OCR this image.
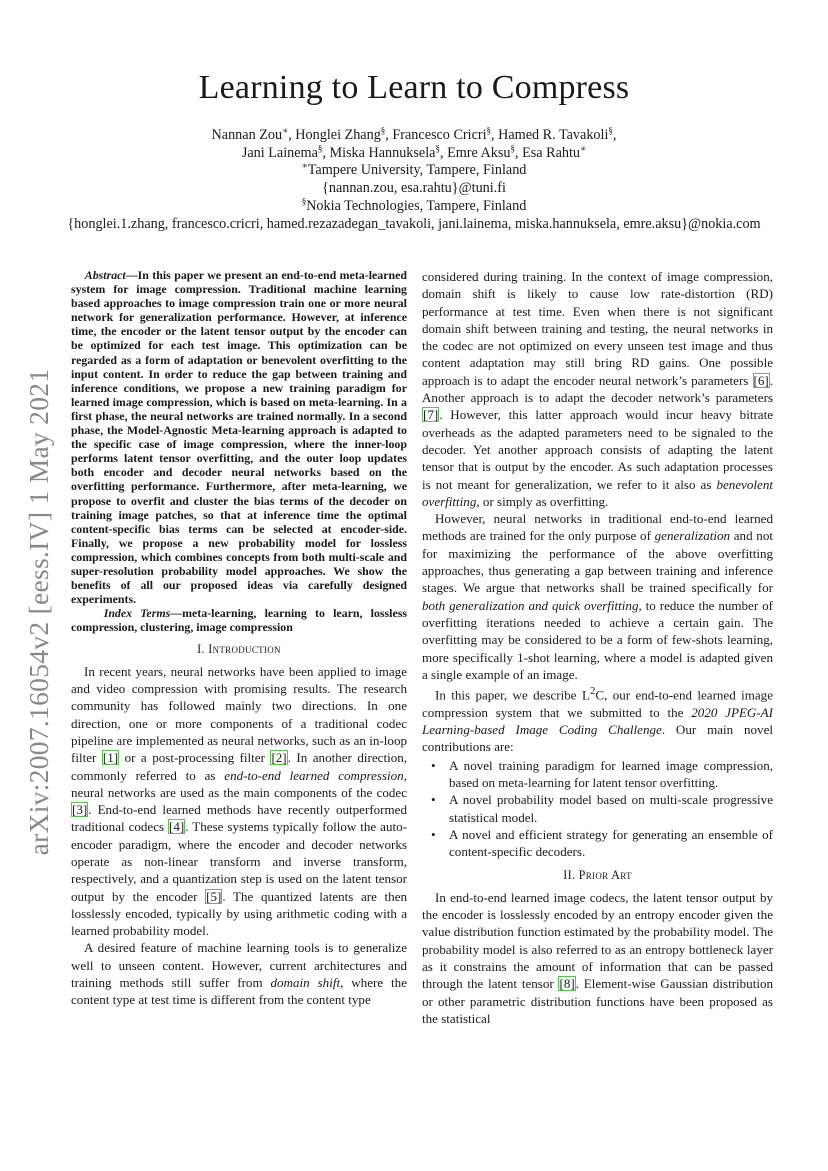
Learning to Learn to Compress
Nannan Zou∗, Honglei Zhang§, Francesco Cricri§, Hamed R. Tavakoli§,
Jani Lainema§, Miska Hannuksela§, Emre Aksu§, Esa Rahtu∗
∗Tampere University, Tampere, Finland
{nannan.zou, esa.rahtu}@tuni.fi
§Nokia Technologies, Tampere, Finland
{honglei.1.zhang, francesco.cricri, hamed.rezazadegan_tavakoli, jani.lainema, miska.hannuksela, emre.aksu}@nokia.com
arXiv:2007.16054v2 [eess.IV] 1 May 2021
Abstract—In this paper we present an end-to-end meta-learned system for image compression. Traditional machine learning based approaches to image compression train one or more neural network for generalization performance. However, at inference time, the encoder or the latent tensor output by the encoder can be optimized for each test image. This optimization can be regarded as a form of adaptation or benevolent overfitting to the input content. In order to reduce the gap between training and inference conditions, we propose a new training paradigm for learned image compression, which is based on meta-learning. In a first phase, the neural networks are trained normally. In a second phase, the Model-Agnostic Meta-learning approach is adapted to the specific case of image compression, where the inner-loop performs latent tensor overfitting, and the outer loop updates both encoder and decoder neural networks based on the overfitting performance. Furthermore, after meta-learning, we propose to overfit and cluster the bias terms of the decoder on training image patches, so that at inference time the optimal content-specific bias terms can be selected at encoder-side. Finally, we propose a new probability model for lossless compression, which combines concepts from both multi-scale and super-resolution probability model approaches. We show the benefits of all our proposed ideas via carefully designed experiments.
Index Terms—meta-learning, learning to learn, lossless compression, clustering, image compression
I. Introduction

In recent years, neural networks have been applied to image and video compression with promising results. The research community has followed mainly two directions. In one direction, one or more components of a traditional codec pipeline are implemented as neural networks, such as an in-loop filter [1] or a post-processing filter [2]. In another direction, commonly referred to as end-to-end learned compression, neural networks are used as the main components of the codec [3]. End-to-end learned methods have recently outperformed traditional codecs [4]. These systems typically follow the auto-encoder paradigm, where the encoder and decoder networks operate as non-linear transform and inverse transform, respectively, and a quantization step is used on the latent tensor output by the encoder [5]. The quantized latents are then losslessly encoded, typically by using arithmetic coding with a learned probability model.

A desired feature of machine learning tools is to generalize well to unseen content. However, current architectures and training methods still suffer from domain shift, where the content type at test time is different from the content type

considered during training. In the context of image compression, domain shift is likely to cause low rate-distortion (RD) performance at test time. Even when there is not significant domain shift between training and testing, the neural networks in the codec are not optimized on every unseen test image and thus content adaptation may still bring RD gains. One possible approach is to adapt the encoder neural network’s parameters [6]. Another approach is to adapt the decoder network’s parameters [7]. However, this latter approach would incur heavy bitrate overheads as the adapted parameters need to be signaled to the decoder. Yet another approach consists of adapting the latent tensor that is output by the encoder. As such adaptation processes is not meant for generalization, we refer to it also as benevolent overfitting, or simply as overfitting.

However, neural networks in traditional end-to-end learned methods are trained for the only purpose of generalization and not for maximizing the performance of the above overfitting approaches, thus generating a gap between training and inference stages. We argue that networks shall be trained specifically for both generalization and quick overfitting, to reduce the number of overfitting iterations needed to achieve a certain gain. The overfitting may be considered to be a form of few-shots learning, more specifically 1-shot learning, where a model is adapted given a single example of an image.

In this paper, we describe $L^2C$, our end-to-end learned image compression system that we submitted to the 2020 JPEG-AI Learning-based Image Coding Challenge. Our main novel contributions are:

• A novel training paradigm for learned image compression, based on meta-learning for latent tensor overfitting.
• A novel probability model based on multi-scale progressive statistical model.
• A novel and efficient strategy for generating an ensemble of content-specific decoders.
II. Prior Art

In end-to-end learned image codecs, the latent tensor output by the encoder is losslessly encoded by an entropy encoder given the value distribution function estimated by the probability model. The probability model is also referred to as an entropy bottleneck layer as it constrains the amount of information that can be passed through the latent tensor [8]. Element-wise Gaussian distribution or other parametric distribution functions have been proposed as the statistical
